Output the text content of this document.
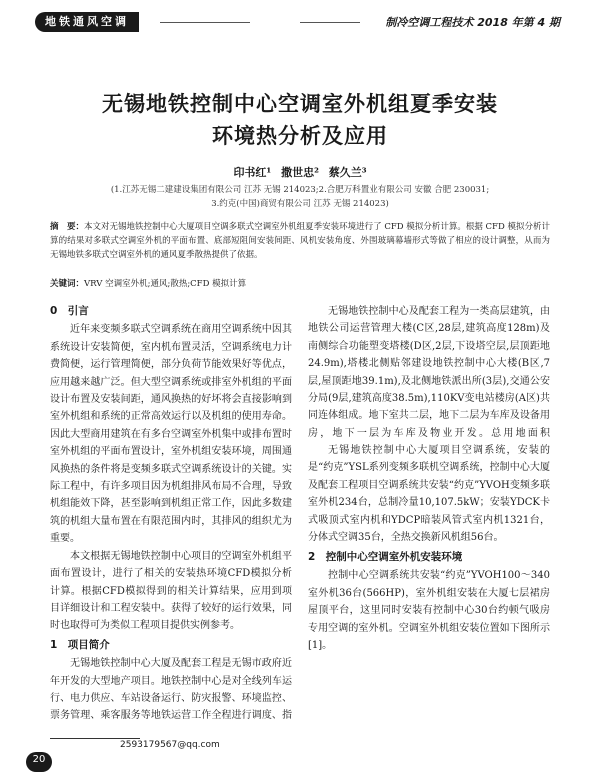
地铁通风空调	制冷空调工程技术 2018 年第 4 期
无锡地铁控制中心空调室外机组夏季安装
环境热分析及应用
印书红¹ 撒世忠² 蔡久兰³
(1.江苏无锡二建建设集团有限公司 江苏 无锡 214023;2.合肥万科置业有限公司 安徽 合肥 230031;
3.约克(中国)商贸有限公司 江苏 无锡 214023)
摘　要：本文对无锡地铁控制中心大厦项目空调多联式空调室外机组夏季安装环境进行了 CFD 模拟分析计算。根据 CFD 模拟分析计算的结果对多联式空调室外机的平面布置、底部短阻间安装间距、风机安装角度、外围玻璃幕墙形式等做了相应的设计调整，从而为无锡地铁多联式空调室外机的通风夏季散热提供了依据。
关键词：VRV 空调室外机;通风;散热;CFD 模拟计算
0　引言

近年来变频多联式空调系统在商用空调系统中因其系统设计安装简便，室内机布置灵活，空调系统电力计费简便，运行管理简便，部分负荷节能效果好等优点，应用越来越广泛。但大型空调系统或排室外机组的平面设计布置及安装间距，通风换热的好坏将会直接影响到室外机组和系统的正常高效运行以及机组的使用寿命。因此大型商用建筑在有多台空调室外机集中或排布置时室外机组的平面布置设计，室外机组安装环境，周围通风换热的条件将是变频多联式空调系统设计的关键。实际工程中，有许多项目因为机组排风布局不合理，导致机组能效下降，甚至影响到机组正常工作，因此多数建筑的机组大量布置在有限范围内时，其排风的组织尤为重要。

本文根据无锡地铁控制中心项目的空调室外机组平面布置设计，进行了相关的安装热环境CFD模拟分析计算。根据CFD模拟得到的相关计算结果，应用到项目详细设计和工程安装中。获得了较好的运行效果，同时也取得可为类似工程项目提供实例参考。

1　项目简介

无锡地铁控制中心大厦及配套工程是无锡市政府近年开发的大型地产项目。地铁控制中心是对全线列车运行、电力供应、车站设备运行、防灾报警、环境监控、票务管理、乘客服务等地铁运营工作全程进行调度、指

无锡地铁控制中心及配套工程为一类高层建筑，由地铁公司运营管理大楼(C区,28层,建筑高度128m)及南侧综合功能塑变塔楼(D区,2层,下设塔空层,层顶距地24.9m),塔楼北侧贴邻建设地铁控制中心大楼(B区,7层,屋顶距地39.1m),及北侧地铁派出所(3层),交通公安分局(9层,建筑高度38.5m),110KV变电站楼房(A区)共同连体组成。地下室共二层，地下二层为车库及设备用房，地下一层为车库及物业开发。总用地面积

无锡地铁控制中心大厦项目空调系统，安装的是“约克”YSL系列变频多联机空调系统，控制中心大厦及配套工程项目空调系统共安装“约克”YVOH变频多联室外机234台，总制冷量10,107.5kW；安装YDCK卡式吸顶式室内机和YDCP暗装风管式室内机1321台，分体式空调35台，全热交换新风机组56台。

2　控制中心空调室外机安装环境

控制中心空调系统共安装“约克”YVOH100～340室外机36台(566HP)，室外机组安装在大厦七层裙房屋顶平台，这里同时安装有控制中心30台约顿气吸房专用空调的室外机。空调室外机组安装位置如下图所示[1]。

2593179567@qq.com
20
